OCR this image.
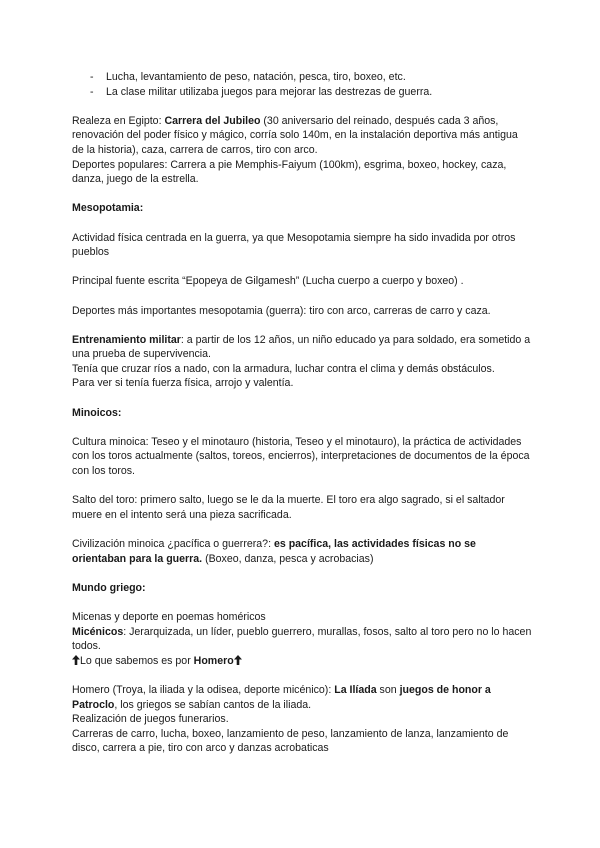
- Lucha, levantamiento de peso, natación, pesca, tiro, boxeo, etc.
- La clase militar utilizaba juegos para mejorar las destrezas de guerra.

Realeza en Egipto: Carrera del Jubileo (30 aniversario del reinado, después cada 3 años, renovación del poder físico y mágico, corría solo 140m, en la instalación deportiva más antigua de la historia), caza, carrera de carros, tiro con arco.

Deportes populares: Carrera a pie Memphis-Faiyum (100km), esgrima, boxeo, hockey, caza, danza, juego de la estrella.

Mesopotamia:

Actividad física centrada en la guerra, ya que Mesopotamia siempre ha sido invadida por otros pueblos

Principal fuente escrita “Epopeya de Gilgamesh” (Lucha cuerpo a cuerpo y boxeo) .

Deportes más importantes mesopotamia (guerra): tiro con arco, carreras de carro y caza.

Entrenamiento militar: a partir de los 12 años, un niño educado ya para soldado, era sometido a una prueba de supervivencia.

Tenía que cruzar ríos a nado, con la armadura, luchar contra el clima y demás obstáculos.

Para ver si tenía fuerza física, arrojo y valentía.

Minoicos:

Cultura minoica: Teseo y el minotauro (historia, Teseo y el minotauro), la práctica de actividades con los toros actualmente (saltos, toreos, encierros), interpretaciones de documentos de la época con los toros.

Salto del toro: primero salto, luego se le da la muerte. El toro era algo sagrado, si el saltador muere en el intento será una pieza sacrificada.

Civilización minoica ¿pacífica o guerrera?: es pacífica, las actividades físicas no se orientaban para la guerra. (Boxeo, danza, pesca y acrobacias)

Mundo griego:

Micenas y deporte en poemas homéricos

Micénicos: Jerarquizada, un líder, pueblo guerrero, murallas, fosos, salto al toro pero no lo hacen todos.

Lo que sabemos es por Homero

Homero (Troya, la iliada y la odisea, deporte micénico): La Ilíada son juegos de honor a Patroclo, los griegos se sabían cantos de la iliada.

Realización de juegos funerarios.

Carreras de carro, lucha, boxeo, lanzamiento de peso, lanzamiento de lanza, lanzamiento de disco, carrera a pie, tiro con arco y danzas acrobaticas
